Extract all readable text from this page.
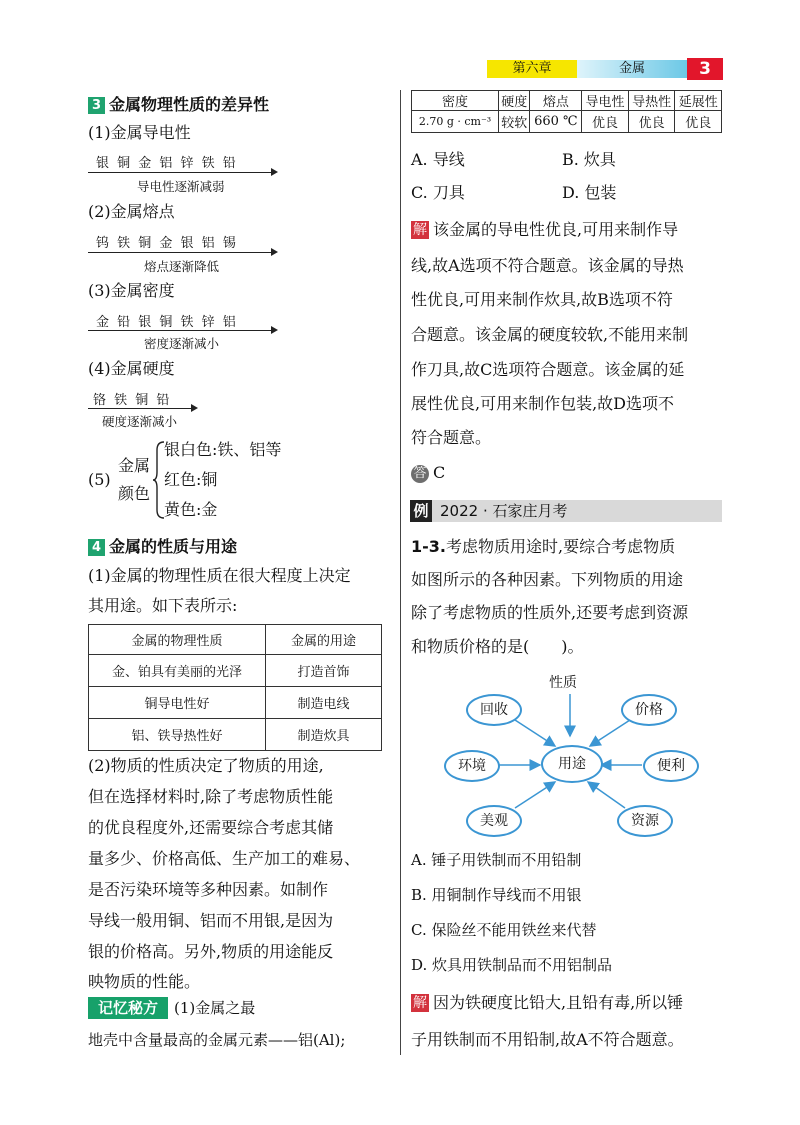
第六章	金属	3
3 金属物理性质的差异性
(1)金属导电性
银 铜 金 铝 锌 铁 铅
导电性逐渐减弱
(2)金属熔点
钨 铁 铜 金 银 铝 锡
熔点逐渐降低
(3)金属密度
金 铅 银 铜 铁 锌 铝
密度逐渐减小
(4)金属硬度
铬 铁 铜 铅
硬度逐渐减小
(5)
金属
颜色
银白色:铁、铝等
红色:铜
黄色:金
4 金属的性质与用途
(1)金属的物理性质在很大程度上决定
其用途。如下表所示:
金属的物理性质	金属的用途
金、铂具有美丽的光泽	打造首饰
铜导电性好	制造电线
铝、铁导热性好	制造炊具
(2)物质的性质决定了物质的用途,
但在选择材料时,除了考虑物质性能
的优良程度外,还需要综合考虑其储
量多少、价格高低、生产加工的难易、
是否污染环境等多种因素。如制作
导线一般用铜、铝而不用银,是因为
银的价格高。另外,物质的用途能反
映物质的性能。
记忆秘方	(1)金属之最
地壳中含量最高的金属元素——铝(Al);
密度	硬度	熔点	导电性	导热性	延展性
2.70 g · cm⁻³	较软	660 ℃	优良	优良	优良
A. 导线	B. 炊具
C. 刀具	D. 包装
解 该金属的导电性优良,可用来制作导
线,故A选项不符合题意。该金属的导热
性优良,可用来制作炊具,故B选项不符
合题意。该金属的硬度较软,不能用来制
作刀具,故C选项符合题意。该金属的延
展性优良,可用来制作包装,故D选项不
符合题意。
答 C
例 2022 · 石家庄月考
1-3.考虑物质用途时,要综合考虑物质
如图所示的各种因素。下列物质的用途
除了考虑物质的性质外,还要考虑到资源
和物质价格的是(　　)。
性质
用途
回收	价格
环境	便利
美观	资源
A. 锤子用铁制而不用铅制
B. 用铜制作导线而不用银
C. 保险丝不能用铁丝来代替
D. 炊具用铁制品而不用铝制品
解 因为铁硬度比铅大,且铅有毒,所以锤
子用铁制而不用铅制,故A不符合题意。
